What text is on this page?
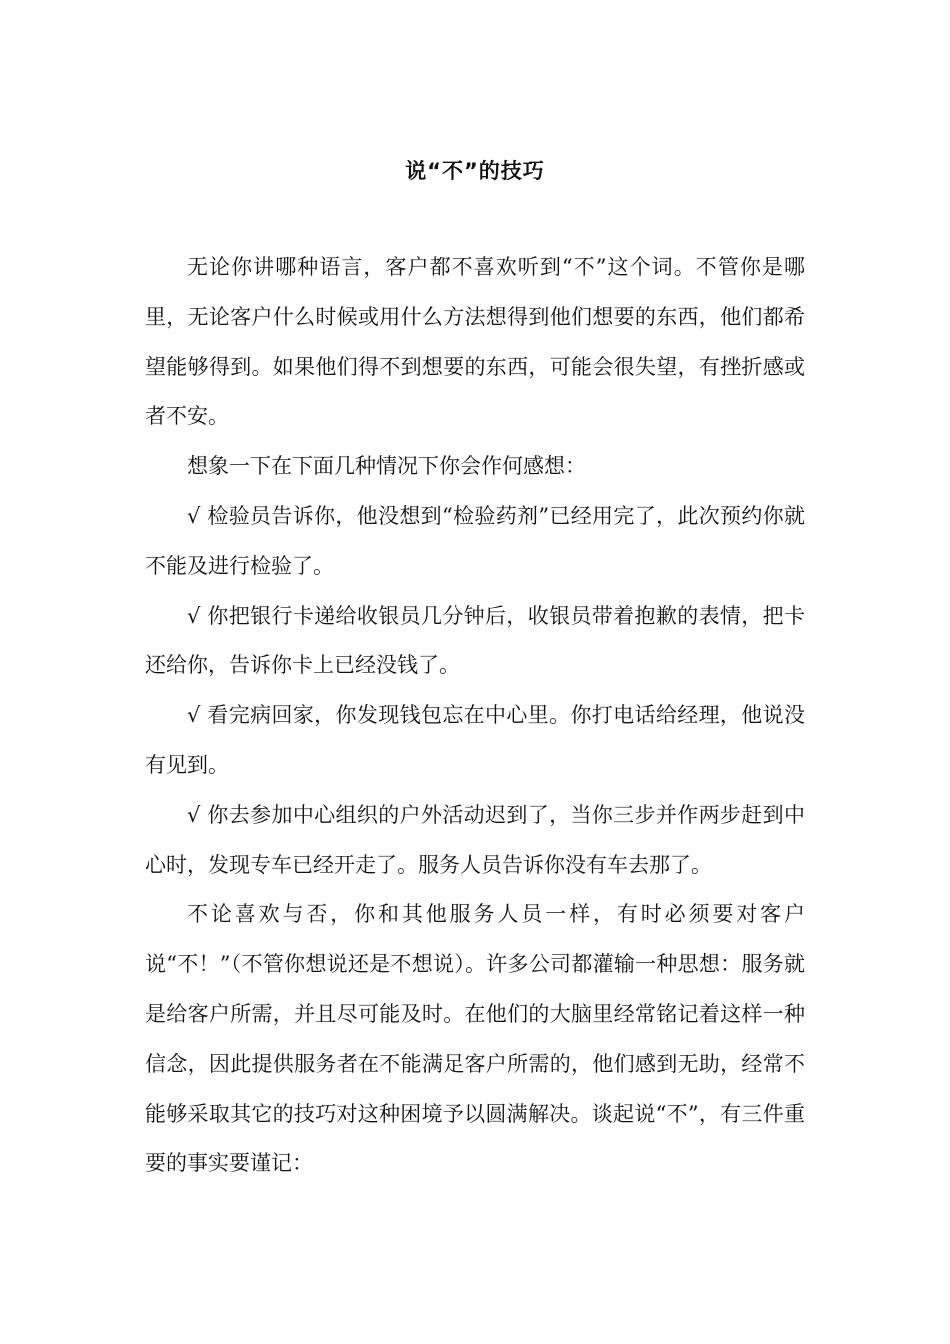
说“不”的技巧

无论你讲哪种语言，客户都不喜欢听到“不”这个词。不管你是哪里，无论客户什么时候或用什么方法想得到他们想要的东西，他们都希望能够得到。如果他们得不到想要的东西，可能会很失望，有挫折感或者不安。

想象一下在下面几种情况下你会作何感想：

√ 检验员告诉你，他没想到“检验药剂”已经用完了，此次预约你就不能及进行检验了。

√ 你把银行卡递给收银员几分钟后，收银员带着抱歉的表情，把卡还给你，告诉你卡上已经没钱了。

√ 看完病回家，你发现钱包忘在中心里。你打电话给经理，他说没有见到。

√ 你去参加中心组织的户外活动迟到了，当你三步并作两步赶到中心时，发现专车已经开走了。服务人员告诉你没有车去那了。

不论喜欢与否，你和其他服务人员一样，有时必须要对客户说“不！”（不管你想说还是不想说）。许多公司都灌输一种思想：服务就是给客户所需，并且尽可能及时。在他们的大脑里经常铭记着这样一种信念，因此提供服务者在不能满足客户所需的，他们感到无助，经常不能够采取其它的技巧对这种困境予以圆满解决。谈起说“不”，有三件重要的事实要谨记：
